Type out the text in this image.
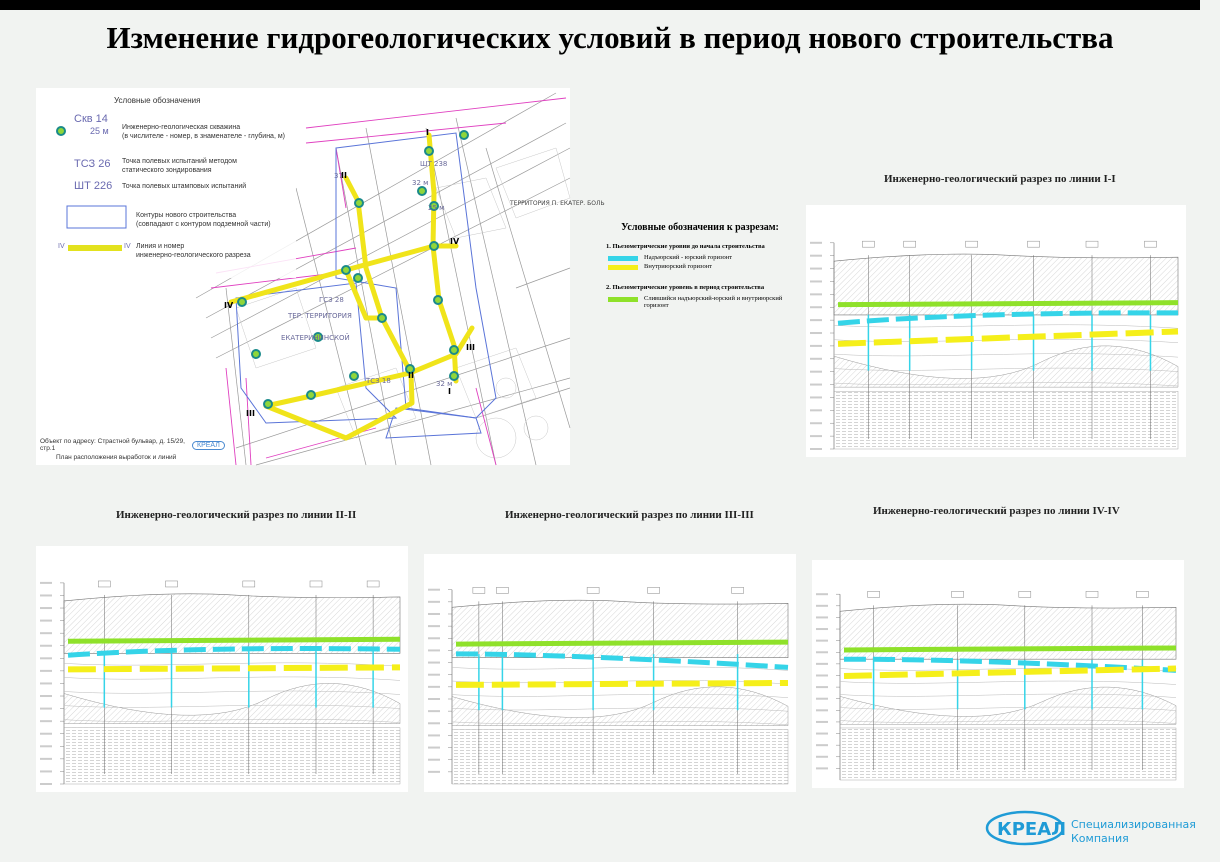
Изменение гидрогеологических условий в период нового строительства
ШТ 238
32 м
37
ГСЗ 28
ТЕР. ТЕРРИТОРИЯ
ЕКАТЕРИНИНСКОЙ
ТСЗ 18	32 м
25 м
ТЕРРИТОРИЯ П. ЕКАТЕР. БОЛЬ
I
I
II
II
III
III
IV
IV
Условные обозначения
Скв 14
25 м Инженерно-геологическая скважина
(в числителе - номер, в знаменателе - глубина, м)
ТСЗ 26 Точка полевых испытаний методом
статического зондирования
ШТ 226 Точка полевых штамповых испытаний
Контуры нового строительства
(совпадают с контуром подземной части)
IV	IV Линия и номер
инженерно-геологического разреза
Объект по адресу: Страстной бульвар, д. 15/29, стр.1
План расположения выработок и линий
КРЕАЛ
Условные обозначения к разрезам:
1. Пьезометрические уровни до начала строительства
Надъюрский - юрский горизонт
Внутриюрский горизонт
2. Пьезометрические уровень в период строительства
Слившийся надъюрский-юрский и внутриюрский горизонт
Инженерно-геологический разрез по линии I-I
Инженерно-геологический разрез по линии II-II	Инженерно-геологический разрез по линии III-III	Инженерно-геологический разрез по линии IV-IV
КРЕАЛ Специализированная
Компания
